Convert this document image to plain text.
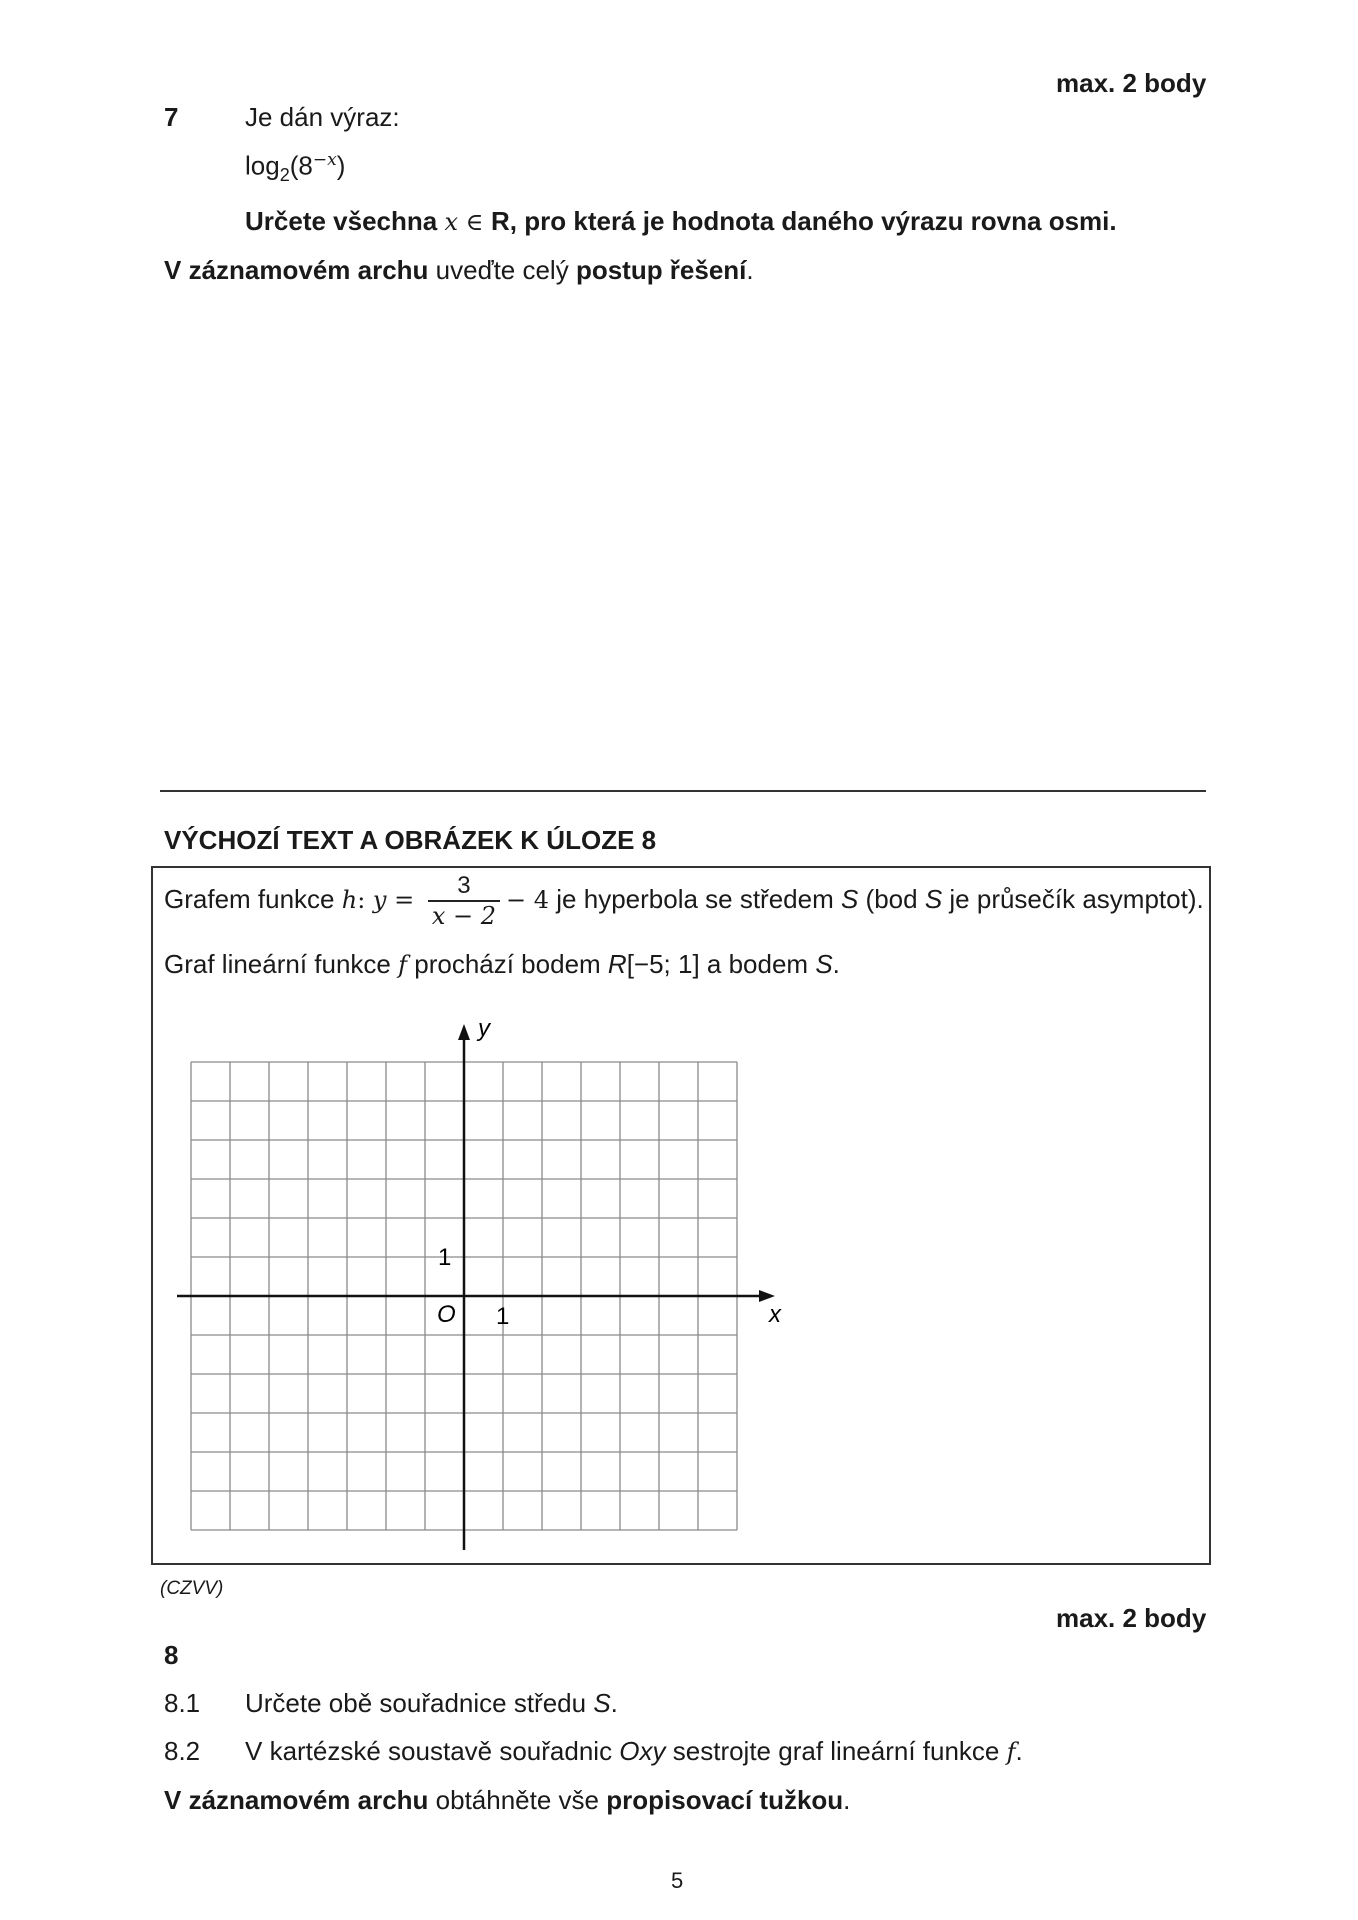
max. 2 body
7	Je dán výraz:
$\log_2(8^{-x})$
Určete všechna x ∈ R, pro která je hodnota daného výrazu rovna osmi.
V záznamovém archu uveďte celý postup řešení.
VÝCHOZÍ TEXT A OBRÁZEK K ÚLOZE 8
Grafem funkce h: $y = \frac{3}{x - 2} - 4$ je hyperbola se středem S (bod S je průsečík asymptot).
Graf lineární funkce f prochází bodem R[−5; 1] a bodem S.
x
y
O 1
1
(CZVV)
max. 2 body
8
8.1 Určete obě souřadnice středu S.
8.2 V kartézské soustavě souřadnic Oxy sestrojte graf lineární funkce f.
V záznamovém archu obtáhněte vše propisovací tužkou.
5
